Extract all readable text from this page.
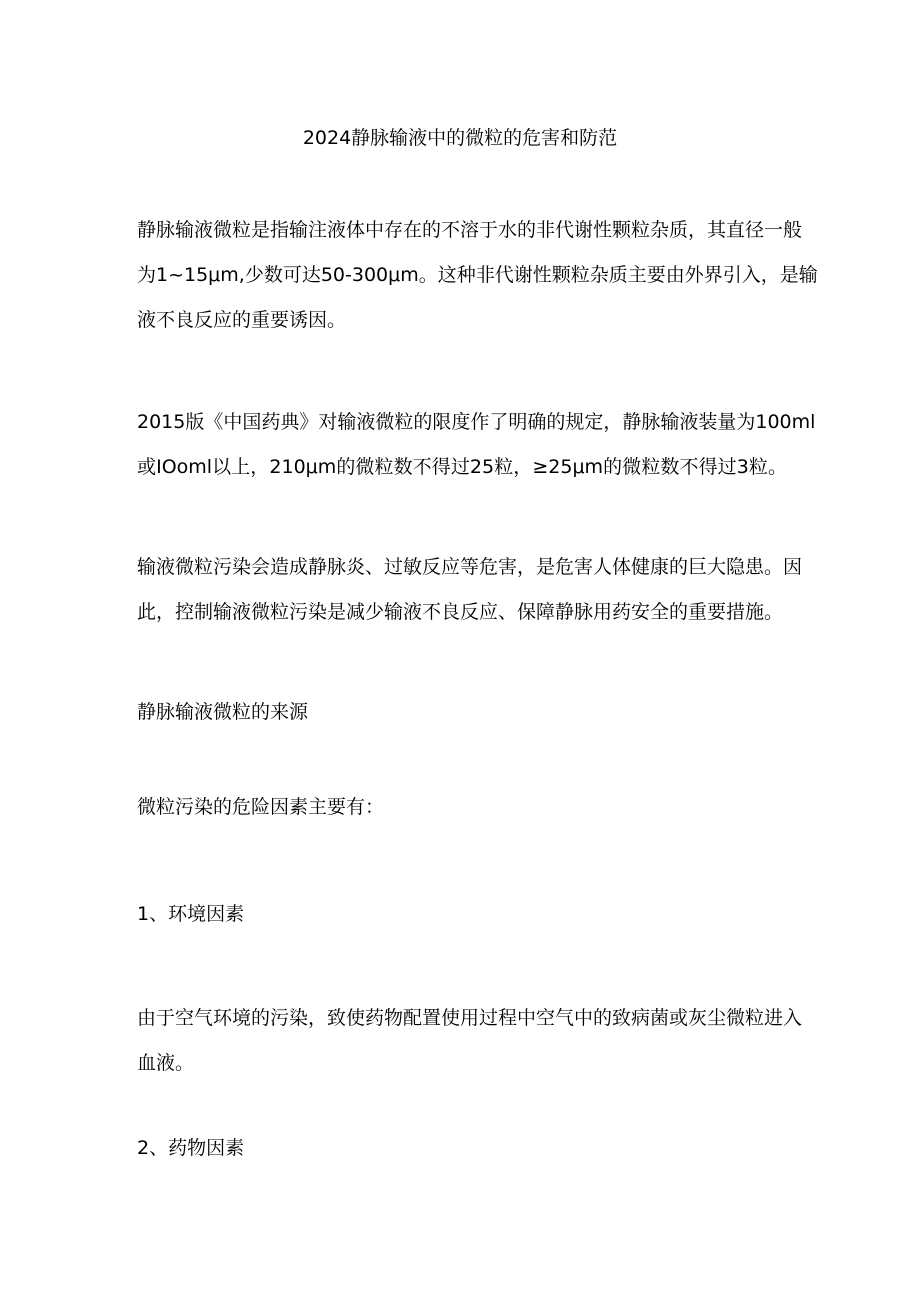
2024静脉输液中的微粒的危害和防范
静脉输液微粒是指输注液体中存在的不溶于水的非代谢性颗粒杂质，其直径一般
为1~15μm,少数可达50-300μm。这种非代谢性颗粒杂质主要由外界引入，是输
液不良反应的重要诱因。
2015版《中国药典》对输液微粒的限度作了明确的规定，静脉输液装量为100ml
或IOoml以上，210μm的微粒数不得过25粒，≥25μm的微粒数不得过3粒。
输液微粒污染会造成静脉炎、过敏反应等危害，是危害人体健康的巨大隐患。因
此，控制输液微粒污染是减少输液不良反应、保障静脉用药安全的重要措施。
静脉输液微粒的来源
微粒污染的危险因素主要有：
1、环境因素
由于空气环境的污染，致使药物配置使用过程中空气中的致病菌或灰尘微粒进入
血液。
2、药物因素
